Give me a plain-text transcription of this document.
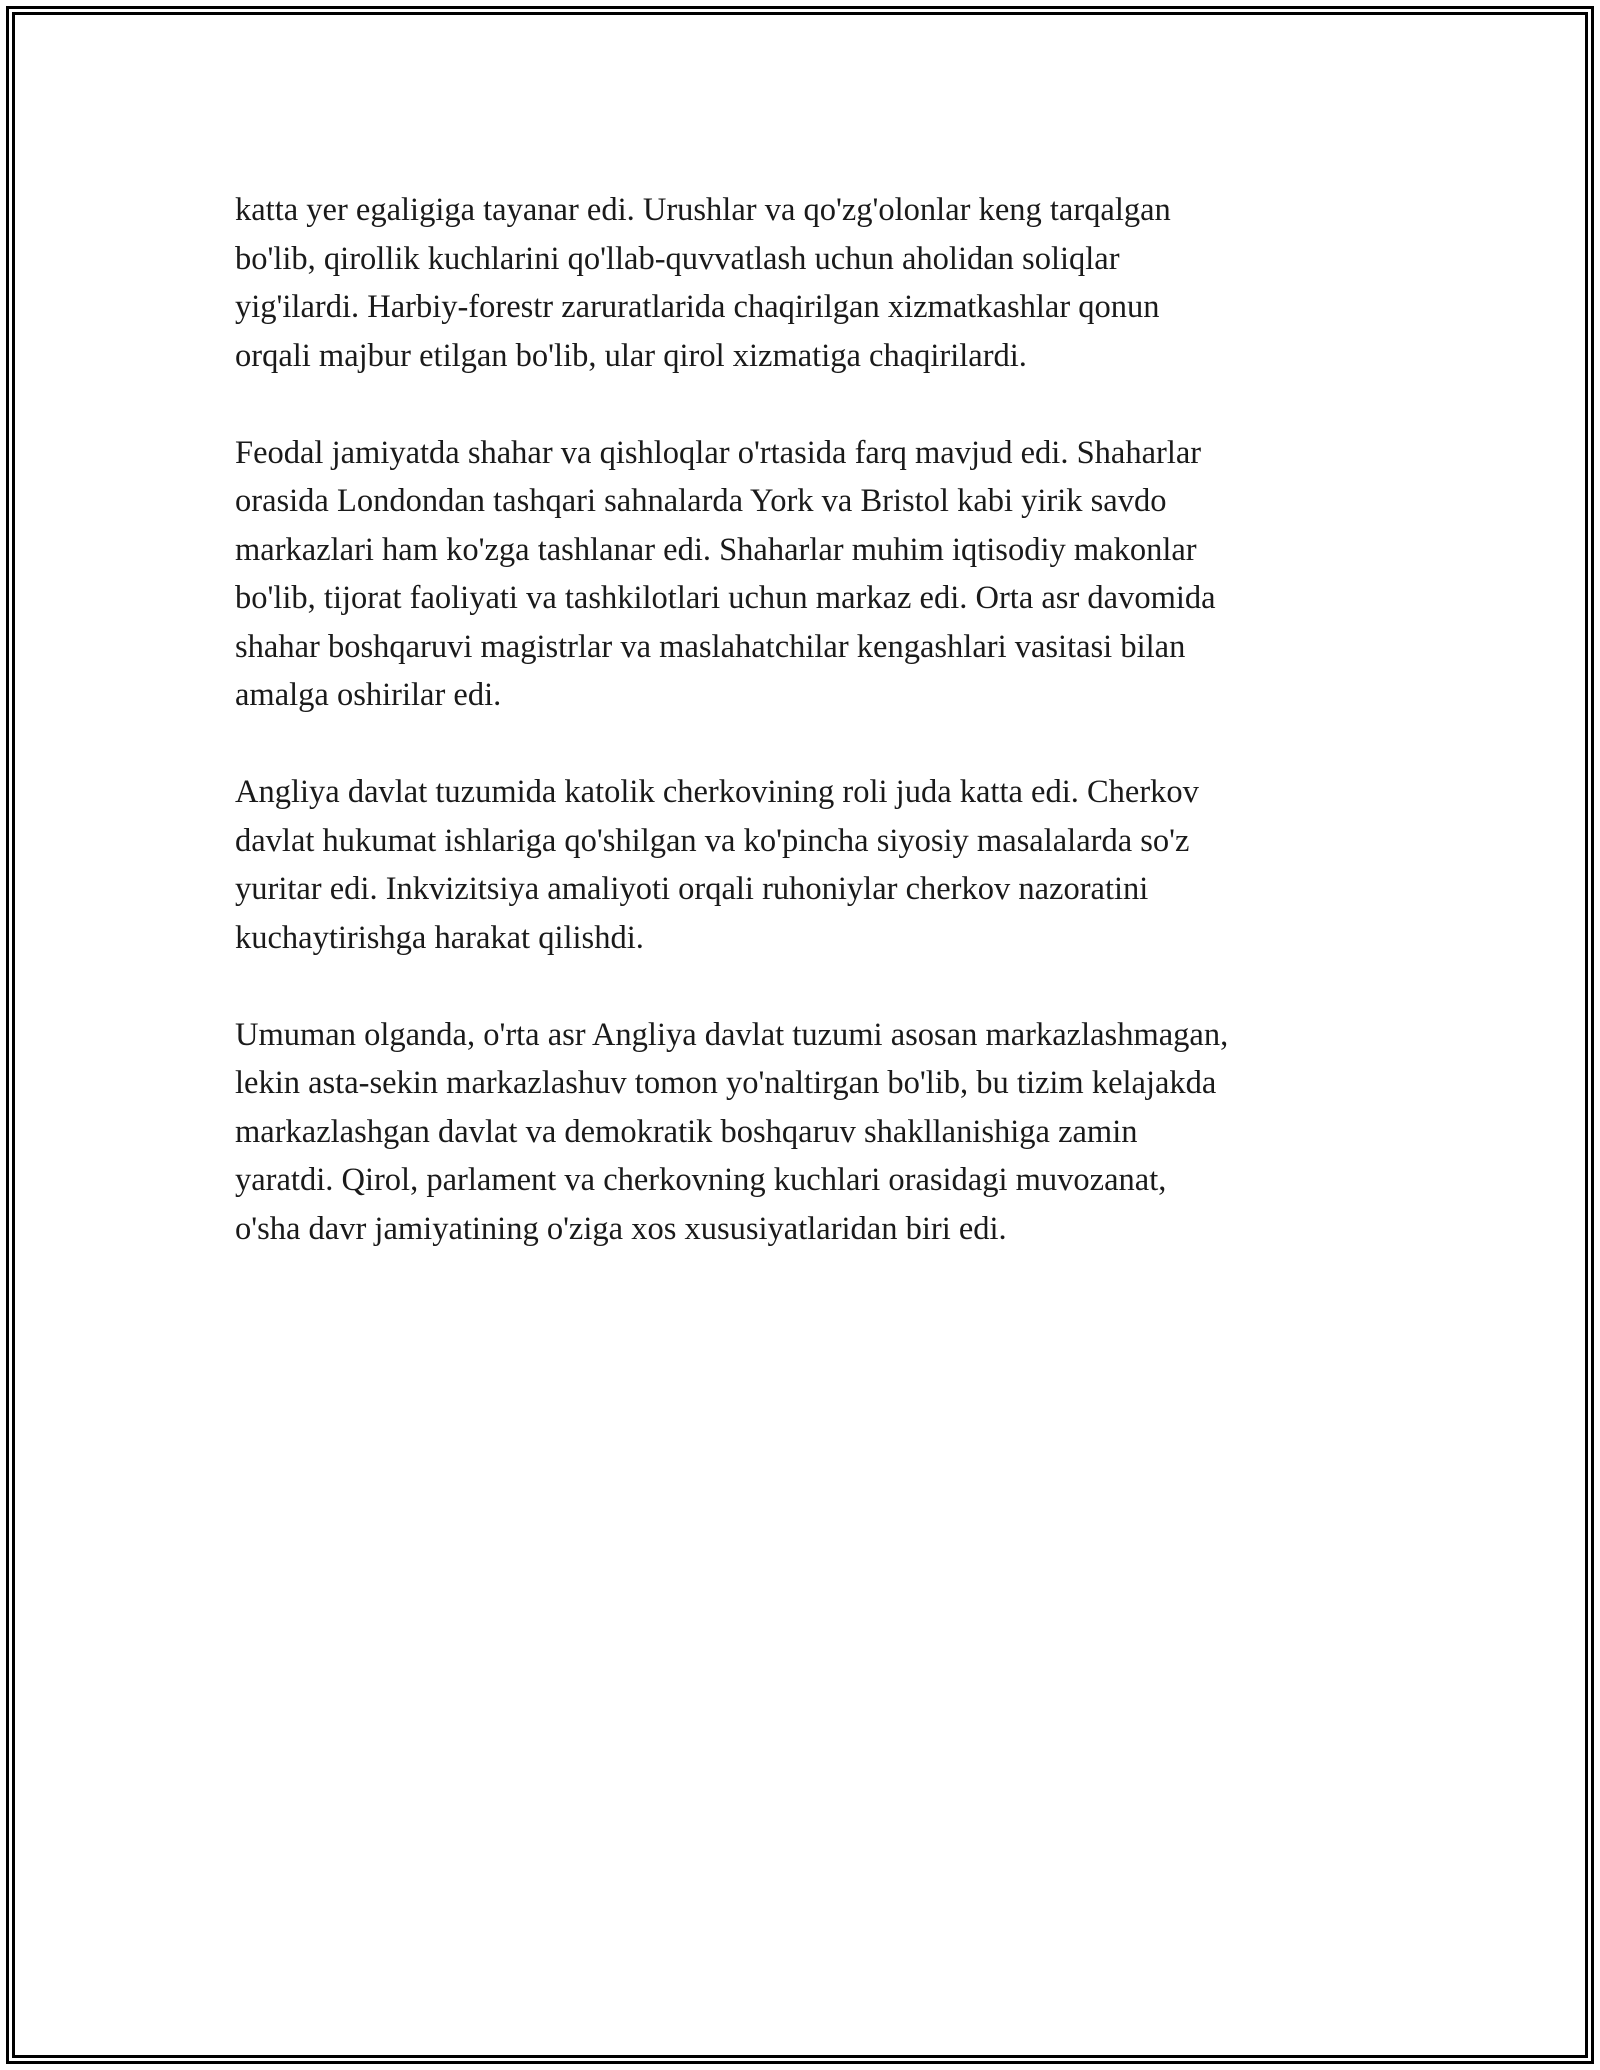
katta yer egaligiga tayanar edi. Urushlar va qo'zg'olonlar keng tarqalgan
bo'lib, qirollik kuchlarini qo'llab-quvvatlash uchun aholidan soliqlar
yig'ilardi. Harbiy-forestr zaruratlarida chaqirilgan xizmatkashlar qonun
orqali majbur etilgan bo'lib, ular qirol xizmatiga chaqirilardi.

Feodal jamiyatda shahar va qishloqlar o'rtasida farq mavjud edi. Shaharlar
orasida Londondan tashqari sahnalarda York va Bristol kabi yirik savdo
markazlari ham ko'zga tashlanar edi. Shaharlar muhim iqtisodiy makonlar
bo'lib, tijorat faoliyati va tashkilotlari uchun markaz edi. Orta asr davomida
shahar boshqaruvi magistrlar va maslahatchilar kengashlari vasitasi bilan
amalga oshirilar edi.

Angliya davlat tuzumida katolik cherkovining roli juda katta edi. Cherkov
davlat hukumat ishlariga qo'shilgan va ko'pincha siyosiy masalalarda so'z
yuritar edi. Inkvizitsiya amaliyoti orqali ruhoniylar cherkov nazoratini
kuchaytirishga harakat qilishdi.

Umuman olganda, o'rta asr Angliya davlat tuzumi asosan markazlashmagan,
lekin asta-sekin markazlashuv tomon yo'naltirgan bo'lib, bu tizim kelajakda
markazlashgan davlat va demokratik boshqaruv shakllanishiga zamin
yaratdi. Qirol, parlament va cherkovning kuchlari orasidagi muvozanat,
o'sha davr jamiyatining o'ziga xos xususiyatlaridan biri edi.
